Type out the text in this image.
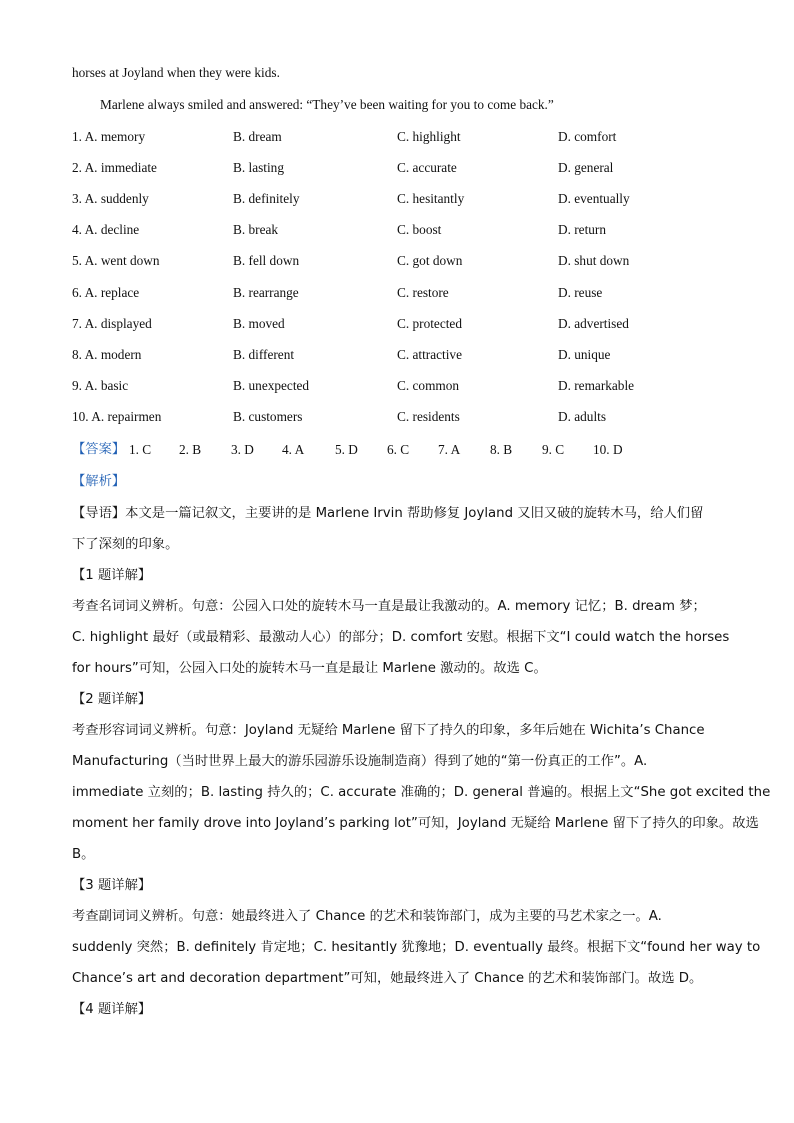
horses at Joyland when they were kids.
Marlene always smiled and answered: “They’ve been waiting for you to come back.”
1. A. memory	B. dream	C. highlight	D. comfort
2. A. immediate	B. lasting	C. accurate	D. general
3. A. suddenly	B. definitely	C. hesitantly	D. eventually
4. A. decline	B. break	C. boost	D. return
5. A. went down	B. fell down	C. got down	D. shut down
6. A. replace	B. rearrange	C. restore	D. reuse
7. A. displayed	B. moved	C. protected	D. advertised
8. A. modern	B. different	C. attractive	D. unique
9. A. basic	B. unexpected	C. common	D. remarkable
10. A. repairmen	B. customers	C. residents	D. adults
【答案】 1. C 2. B 3. D 4. A 5. D 6. C 7. A 8. B 9. C 10. D
【解析】
【导语】本文是一篇记叙文，主要讲的是 Marlene Irvin 帮助修复 Joyland 又旧又破的旋转木马，给人们留
下了深刻的印象。
【1 题详解】
考查名词词义辨析。句意：公园入口处的旋转木马一直是最让我激动的。A. memory 记忆；B. dream 梦；
C. highlight 最好（或最精彩、最激动人心）的部分；D. comfort 安慰。根据下文“I could watch the horses
for hours”可知，公园入口处的旋转木马一直是最让 Marlene 激动的。故选 C。
【2 题详解】
考查形容词词义辨析。句意：Joyland 无疑给 Marlene 留下了持久的印象，多年后她在 Wichita’s Chance
Manufacturing（当时世界上最大的游乐园游乐设施制造商）得到了她的“第一份真正的工作”。A.
immediate 立刻的；B. lasting 持久的；C. accurate 准确的；D. general 普遍的。根据上文“She got excited the
moment her family drove into Joyland’s parking lot”可知，Joyland 无疑给 Marlene 留下了持久的印象。故选
B。
【3 题详解】
考查副词词义辨析。句意：她最终进入了 Chance 的艺术和装饰部门，成为主要的马艺术家之一。A.
suddenly 突然；B. definitely 肯定地；C. hesitantly 犹豫地；D. eventually 最终。根据下文“found her way to
Chance’s art and decoration department”可知，她最终进入了 Chance 的艺术和装饰部门。故选 D。
【4 题详解】
